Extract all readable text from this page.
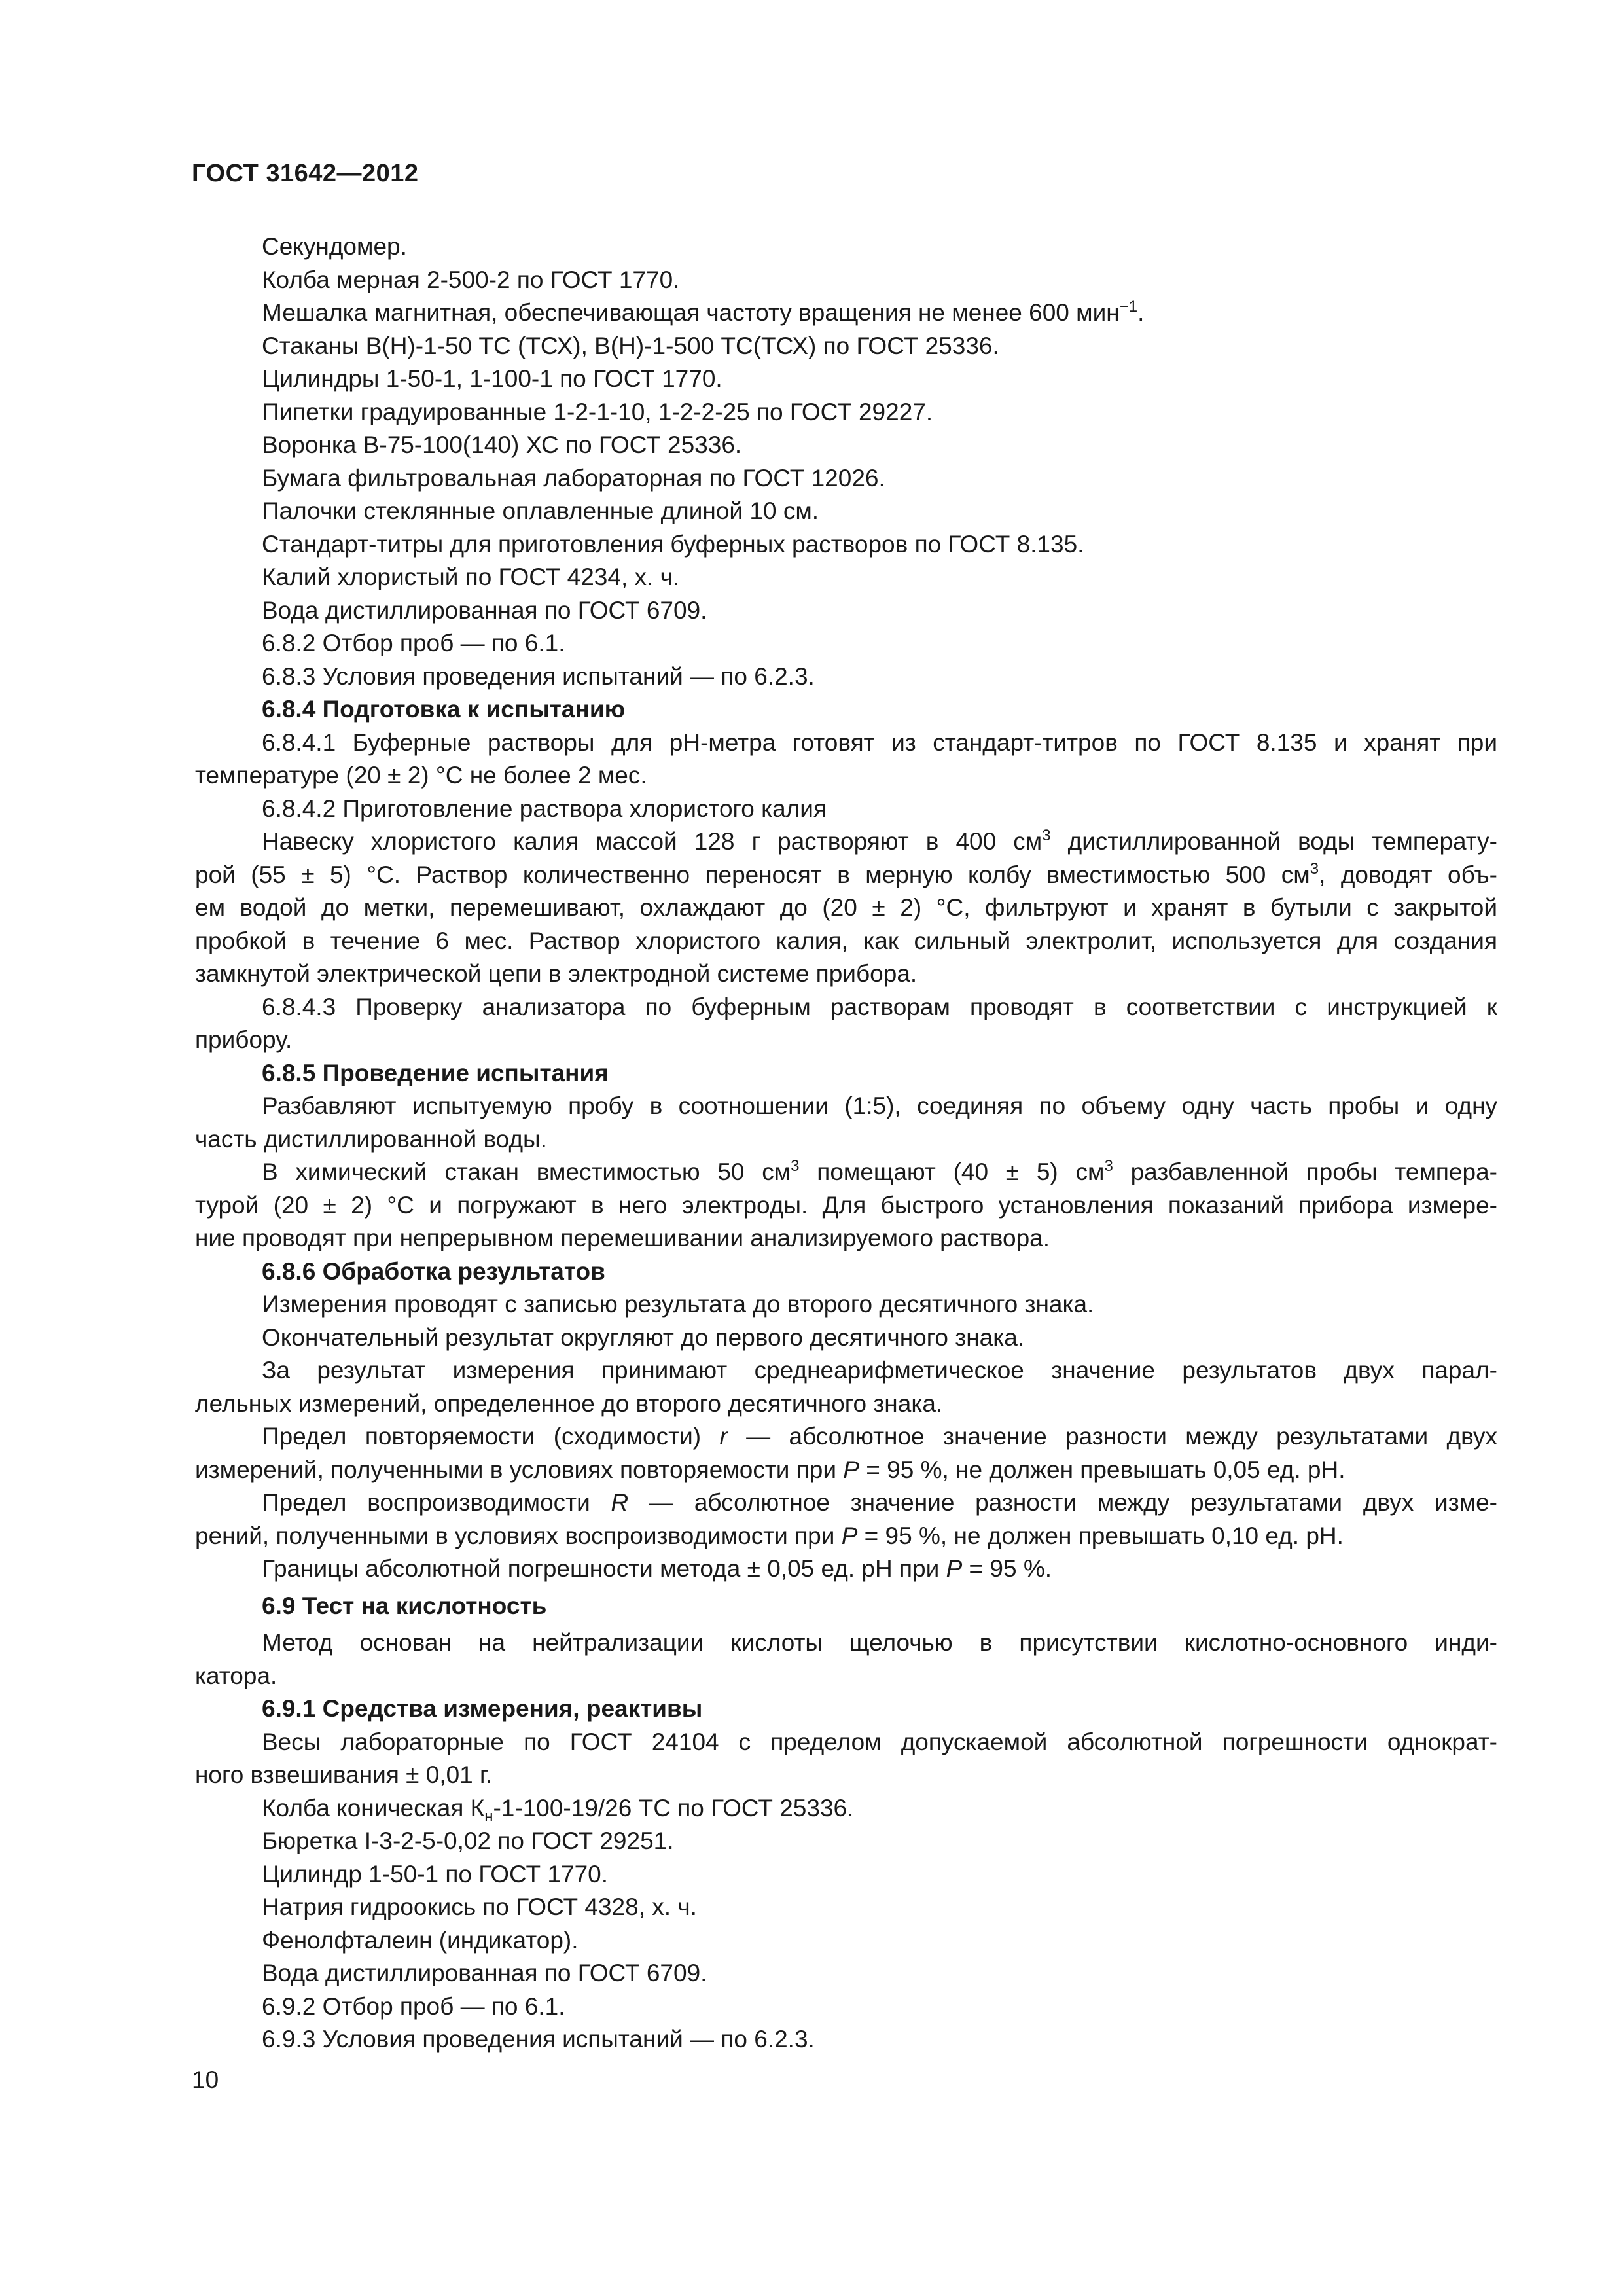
ГОСТ 31642—2012
Секундомер.
Колба мерная 2-500-2 по ГОСТ 1770.
Мешалка магнитная, обеспечивающая частоту вращения не менее 600 мин$^{-1}$.
Стаканы В(Н)-1-50 ТС (ТСХ), В(Н)-1-500 ТС(ТСХ) по ГОСТ 25336.
Цилиндры 1-50-1, 1-100-1 по ГОСТ 1770.
Пипетки градуированные 1-2-1-10, 1-2-2-25 по ГОСТ 29227.
Воронка В-75-100(140) ХС по ГОСТ 25336.
Бумага фильтровальная лабораторная по ГОСТ 12026.
Палочки стеклянные оплавленные длиной 10 см.
Стандарт-титры для приготовления буферных растворов по ГОСТ 8.135.
Калий хлористый по ГОСТ 4234, х. ч.
Вода дистиллированная по ГОСТ 6709.
6.8.2 Отбор проб — по 6.1.
6.8.3 Условия проведения испытаний — по 6.2.3.
6.8.4 Подготовка к испытанию
6.8.4.1 Буферные растворы для рН-метра готовят из стандарт-титров по ГОСТ 8.135 и хранят при
температуре (20 ± 2) °С не более 2 мес.
6.8.4.2 Приготовление раствора хлористого калия
Навеску хлористого калия массой 128 г растворяют в 400 $см^3$ дистиллированной воды температу-
рой (55 ± 5) °С. Раствор количественно переносят в мерную колбу вместимостью 500 $см^3$, доводят объ-
ем водой до метки, перемешивают, охлаждают до (20 ± 2) °С, фильтруют и хранят в бутыли с закрытой
пробкой в течение 6 мес. Раствор хлористого калия, как сильный электролит, используется для создания
замкнутой электрической цепи в электродной системе прибора.
6.8.4.3 Проверку анализатора по буферным растворам проводят в соответствии с инструкцией к
прибору.
6.8.5 Проведение испытания
Разбавляют испытуемую пробу в соотношении (1:5), соединяя по объему одну часть пробы и одну
часть дистиллированной воды.
В химический стакан вместимостью 50 $см^3$ помещают (40 ± 5) $см^3$ разбавленной пробы темпера-
турой (20 ± 2) °С и погружают в него электроды. Для быстрого установления показаний прибора измере-
ние проводят при непрерывном перемешивании анализируемого раствора.
6.8.6 Обработка результатов
Измерения проводят с записью результата до второго десятичного знака.
Окончательный результат округляют до первого десятичного знака.
За результат измерения принимают среднеарифметическое значение результатов двух парал-
лельных измерений, определенное до второго десятичного знака.
Предел повторяемости (сходимости) r — абсолютное значение разности между результатами двух
измерений, полученными в условиях повторяемости при Р = 95 %, не должен превышать 0,05 ед. рН.
Предел воспроизводимости R — абсолютное значение разности между результатами двух изме-
рений, полученными в условиях воспроизводимости при Р = 95 %, не должен превышать 0,10 ед. рН.
Границы абсолютной погрешности метода ± 0,05 ед. рН при Р = 95 %.
6.9 Тест на кислотность
Метод основан на нейтрализации кислоты щелочью в присутствии кислотно-основного инди-
катора.
6.9.1 Средства измерения, реактивы
Весы лабораторные по ГОСТ 24104 с пределом допускаемой абсолютной погрешности однократ-
ного взвешивания ± 0,01 г.
Колба коническая $К_н-1-100-19/26$ ТС по ГОСТ 25336.
Бюретка I-3-2-5-0,02 по ГОСТ 29251.
Цилиндр 1-50-1 по ГОСТ 1770.
Натрия гидроокись по ГОСТ 4328, х. ч.
Фенолфталеин (индикатор).
Вода дистиллированная по ГОСТ 6709.
6.9.2 Отбор проб — по 6.1.
6.9.3 Условия проведения испытаний — по 6.2.3.
10
